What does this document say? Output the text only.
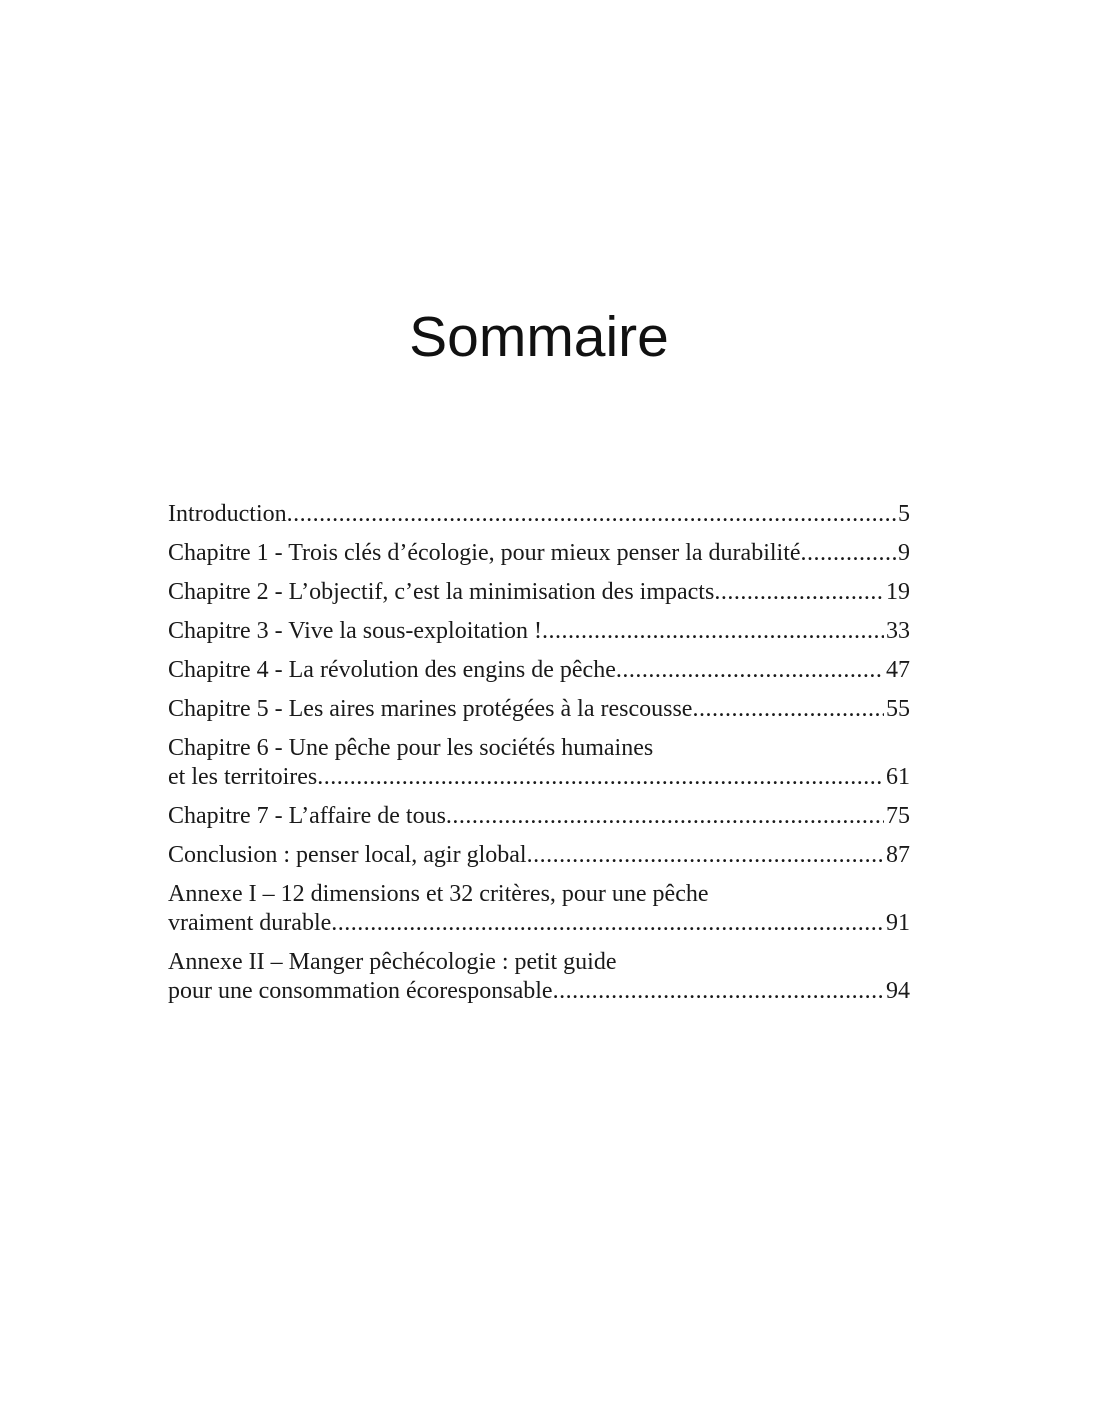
Sommaire
Introduction .....	5
Chapitre 1 - Trois clés d’écologie, pour mieux penser la durabilité .....	9
Chapitre 2 - L’objectif, c’est la minimisation des impacts .....	19
Chapitre 3 - Vive la sous-exploitation ! .....	33
Chapitre 4 - La révolution des engins de pêche .....	47
Chapitre 5 - Les aires marines protégées à la rescousse .....	55
Chapitre 6 - Une pêche pour les sociétés humaines
et les territoires .....	61
Chapitre 7 - L’affaire de tous .....	75
Conclusion : penser local, agir global .....	87
Annexe I – 12 dimensions et 32 critères, pour une pêche
vraiment durable .....	91
Annexe II – Manger pêchécologie : petit guide
pour une consommation écoresponsable .....	94
